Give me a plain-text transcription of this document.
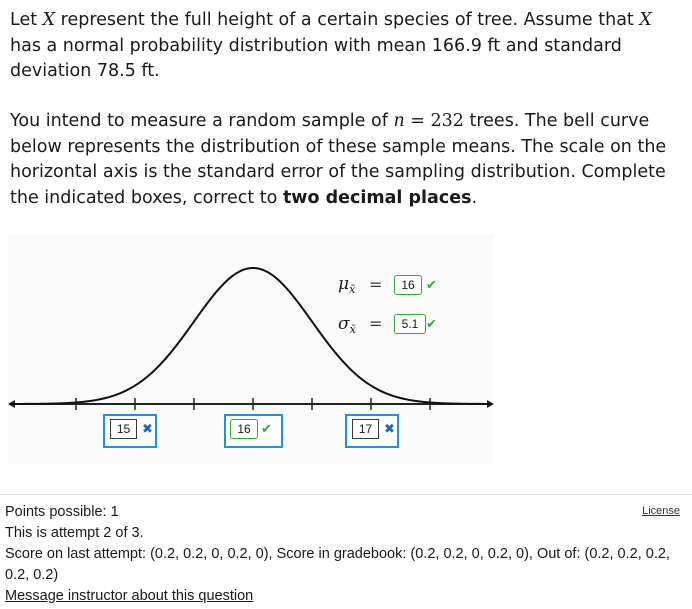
Let X represent the full height of a certain species of tree. Assume that X has a normal probability distribution with mean 166.9 ft and standard deviation 78.5 ft.
You intend to measure a random sample of n = 232 trees. The bell curve below represents the distribution of these sample means. The scale on the horizontal axis is the standard error of the sampling distribution. Complete the indicated boxes, correct to two decimal places.
$\mu_{x̄}$ =	16 ✔
$\sigma_{x̄}$ =	5.1 ✔
15 ✖	16 ✔	17 ✖
License
Points possible: 1
This is attempt 2 of 3.
Score on last attempt: (0.2, 0.2, 0, 0.2, 0), Score in gradebook: (0.2, 0.2, 0, 0.2, 0), Out of: (0.2, 0.2, 0.2, 0.2, 0.2)
Message instructor about this question
